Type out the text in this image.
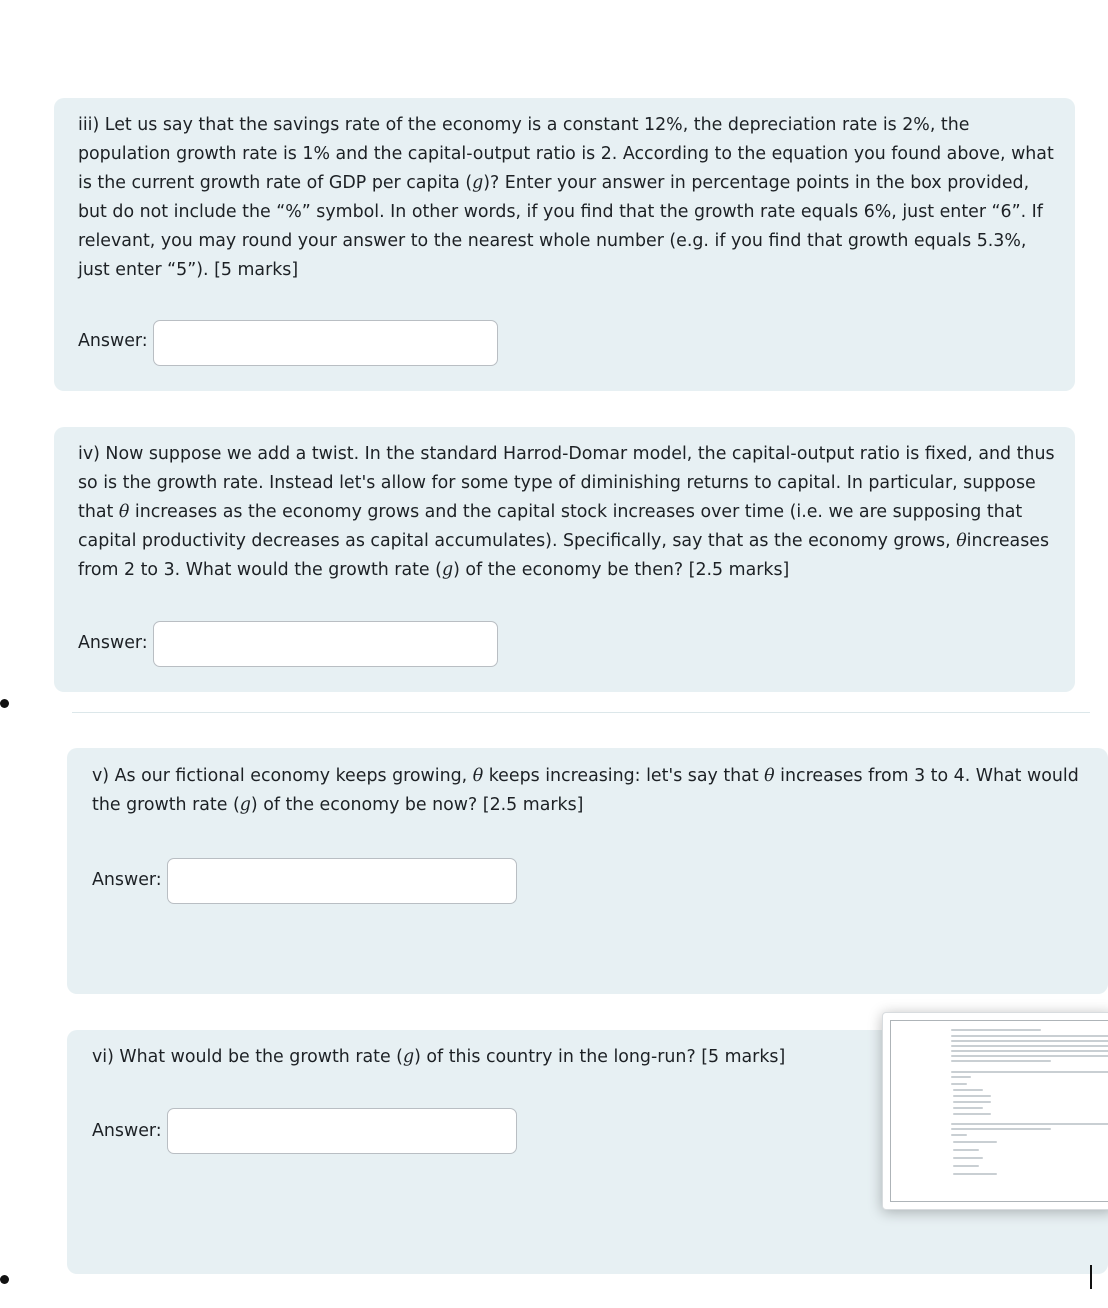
iii) Let us say that the savings rate of the economy is a constant 12%, the depreciation rate is 2%, the population growth rate is 1% and the capital-output ratio is 2. According to the equation you found above, what is the current growth rate of GDP per capita (g)? Enter your answer in percentage points in the box provided, but do not include the “%” symbol. In other words, if you find that the growth rate equals 6%, just enter “6”. If relevant, you may round your answer to the nearest whole number (e.g. if you find that growth equals 5.3%, just enter “5”). [5 marks]

Answer:

iv) Now suppose we add a twist. In the standard Harrod-Domar model, the capital-output ratio is fixed, and thus so is the growth rate. Instead let's allow for some type of diminishing returns to capital. In particular, suppose that θ increases as the economy grows and the capital stock increases over time (i.e. we are supposing that capital productivity decreases as capital accumulates). Specifically, say that as the economy grows, θincreases from 2 to 3. What would the growth rate (g) of the economy be then? [2.5 marks]

Answer:

v) As our fictional economy keeps growing, θ keeps increasing: let's say that θ increases from 3 to 4. What would the growth rate (g) of the economy be now? [2.5 marks]

Answer:

vi) What would be the growth rate (g) of this country in the long-run? [5 marks]

Answer:
